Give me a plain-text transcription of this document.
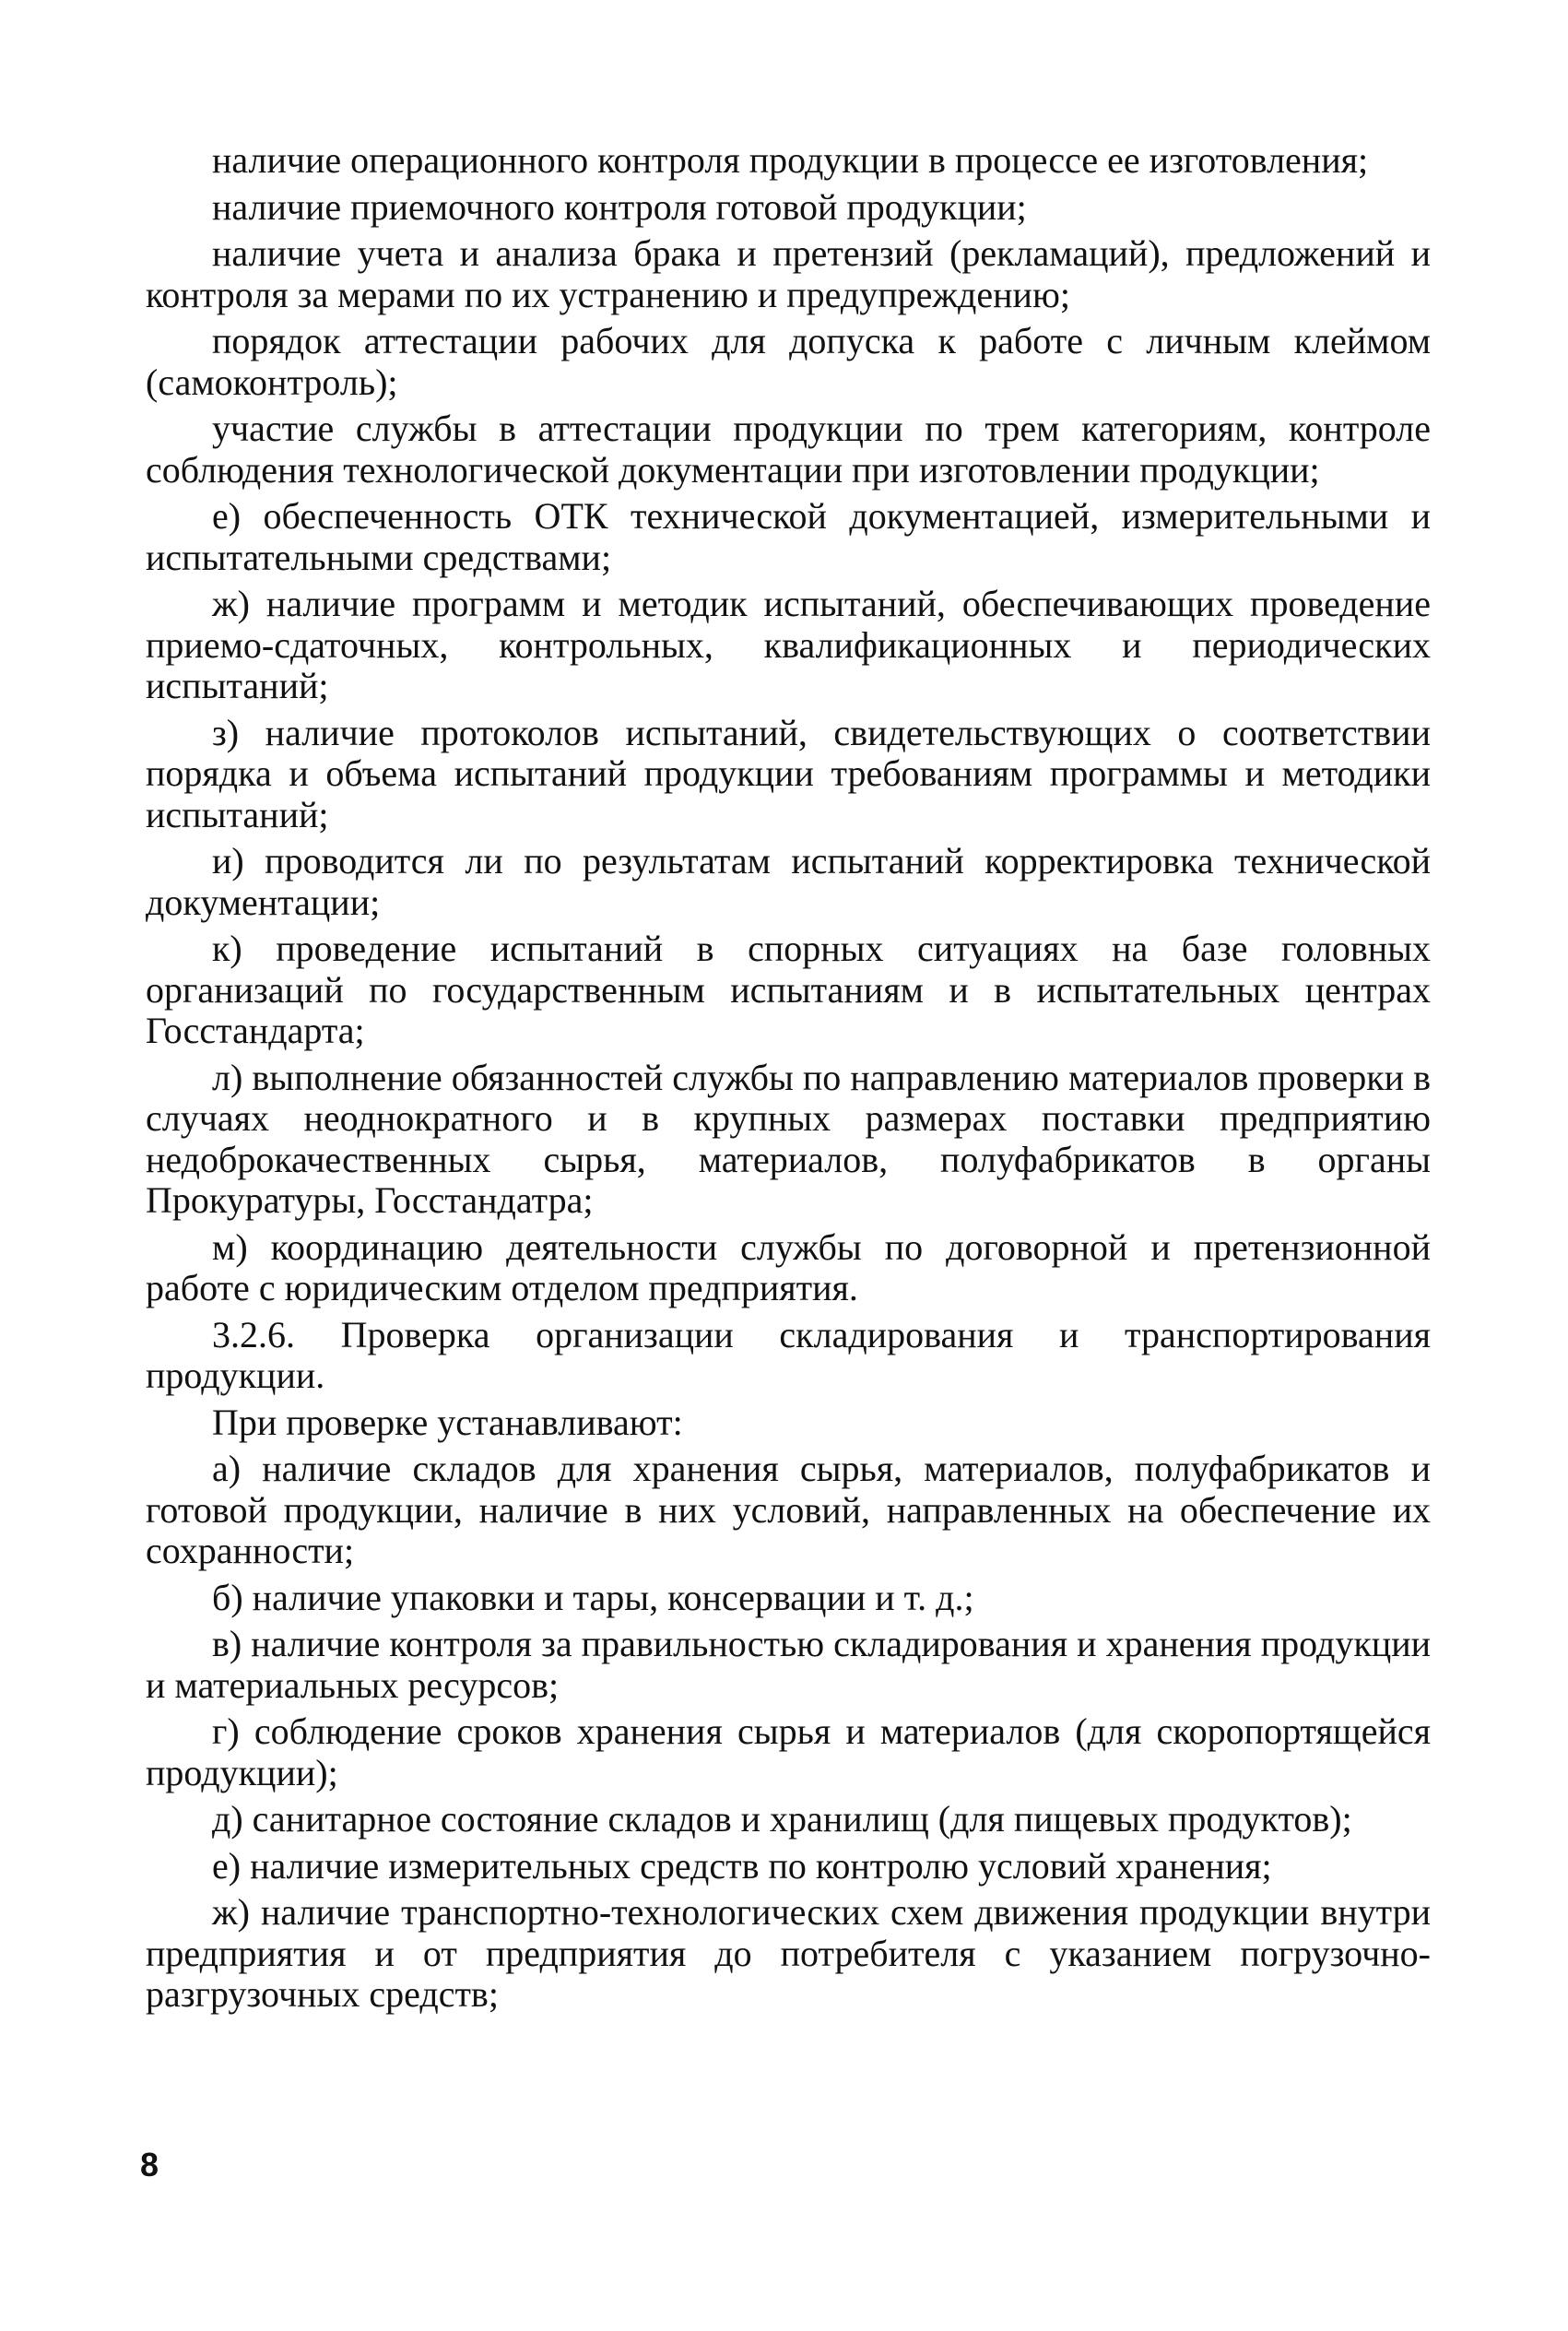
наличие операционного контроля продукции в процессе ее изготовления;

наличие приемочного контроля готовой продукции;

наличие учета и анализа брака и претензий (рекламаций), предложений и контроля за мерами по их устранению и предупреждению;

порядок аттестации рабочих для допуска к работе с личным клеймом (самоконтроль);

участие службы в аттестации продукции по трем категориям, контроле соблюдения технологической документации при изготовлении продукции;

е) обеспеченность ОТК технической документацией, измерительными и испытательными средствами;

ж) наличие программ и методик испытаний, обеспечивающих проведение приемо-сдаточных, контрольных, квалификационных и периодических испытаний;

з) наличие протоколов испытаний, свидетельствующих о соответствии порядка и объема испытаний продукции требованиям программы и методики испытаний;

и) проводится ли по результатам испытаний корректировка технической документации;

к) проведение испытаний в спорных ситуациях на базе головных организаций по государственным испытаниям и в испытательных центрах Госстандарта;

л) выполнение обязанностей службы по направлению материалов проверки в случаях неоднократного и в крупных размерах поставки предприятию недоброкачественных сырья, материалов, полуфабрикатов в органы Прокуратуры, Госстандатра;

м) координацию деятельности службы по договорной и претензионной работе с юридическим отделом предприятия.

3.2.6. Проверка организации складирования и транспортирования продукции.

При проверке устанавливают:

а) наличие складов для хранения сырья, материалов, полуфабрикатов и готовой продукции, наличие в них условий, направленных на обеспечение их сохранности;

б) наличие упаковки и тары, консервации и т. д.;

в) наличие контроля за правильностью складирования и хранения продукции и материальных ресурсов;

г) соблюдение сроков хранения сырья и материалов (для скоропортящейся продукции);

д) санитарное состояние складов и хранилищ (для пищевых продуктов);

е) наличие измерительных средств по контролю условий хранения;

ж) наличие транспортно-технологических схем движения продукции внутри предприятия и от предприятия до потребителя с указанием погрузочно-разгрузочных средств;

8
